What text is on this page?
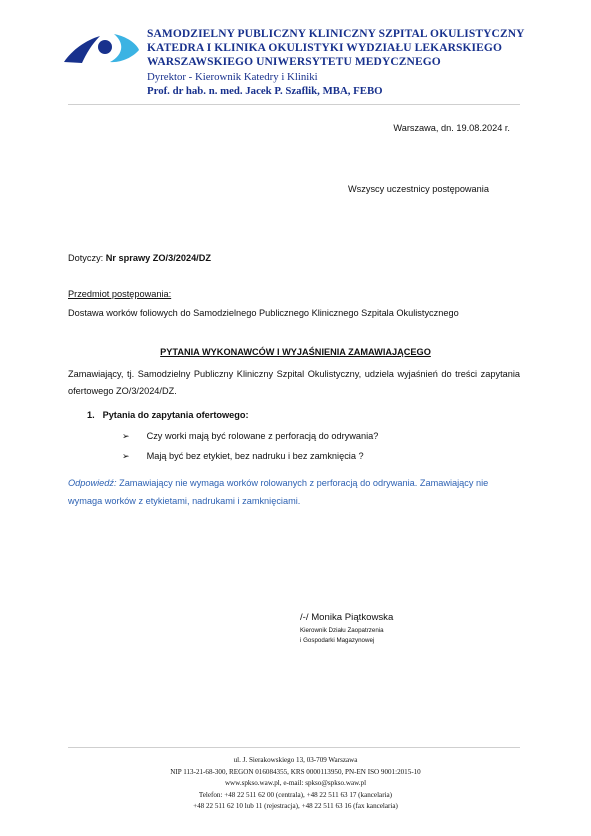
SAMODZIELNY PUBLICZNY KLINICZNY SZPITAL OKULISTYCZNY
KATEDRA I KLINIKA OKULISTYKI WYDZIAŁU LEKARSKIEGO
WARSZAWSKIEGO UNIWERSYTETU MEDYCZNEGO
Dyrektor - Kierownik Katedry i Kliniki
Prof. dr hab. n. med. Jacek P. Szaflik, MBA, FEBO
Warszawa, dn. 19.08.2024 r.
Wszyscy uczestnicy postępowania
Dotyczy: Nr sprawy ZO/3/2024/DZ
Przedmiot postępowania:
Dostawa worków foliowych do Samodzielnego Publicznego Klinicznego Szpitala Okulistycznego
PYTANIA WYKONAWCÓW I WYJAŚNIENIA ZAMAWIAJĄCEGO
Zamawiający, tj. Samodzielny Publiczny Kliniczny Szpital Okulistyczny, udziela wyjaśnień do treści zapytania ofertowego ZO/3/2024/DZ.
1. Pytania do zapytania ofertowego:
➢ Czy worki mają być rolowane z perforacją do odrywania?
➢ Mają być bez etykiet, bez nadruku i bez zamknięcia ?
Odpowiedź: Zamawiający nie wymaga worków rolowanych z perforacją do odrywania. Zamawiający nie wymaga worków z etykietami, nadrukami i zamknięciami.
/-/ Monika Piątkowska
Kierownik Działu Zaopatrzenia
i Gospodarki Magazynowej
ul. J. Sierakowskiego 13, 03-709 Warszawa
NIP 113-21-68-300, REGON 016084355, KRS 0000113950, PN-EN ISO 9001:2015-10
www.spkso.waw.pl, e-mail: spkso@spkso.waw.pl
Telefon: +48 22 511 62 00 (centrala), +48 22 511 63 17 (kancelaria)
+48 22 511 62 10 lub 11 (rejestracja), +48 22 511 63 16 (fax kancelaria)
